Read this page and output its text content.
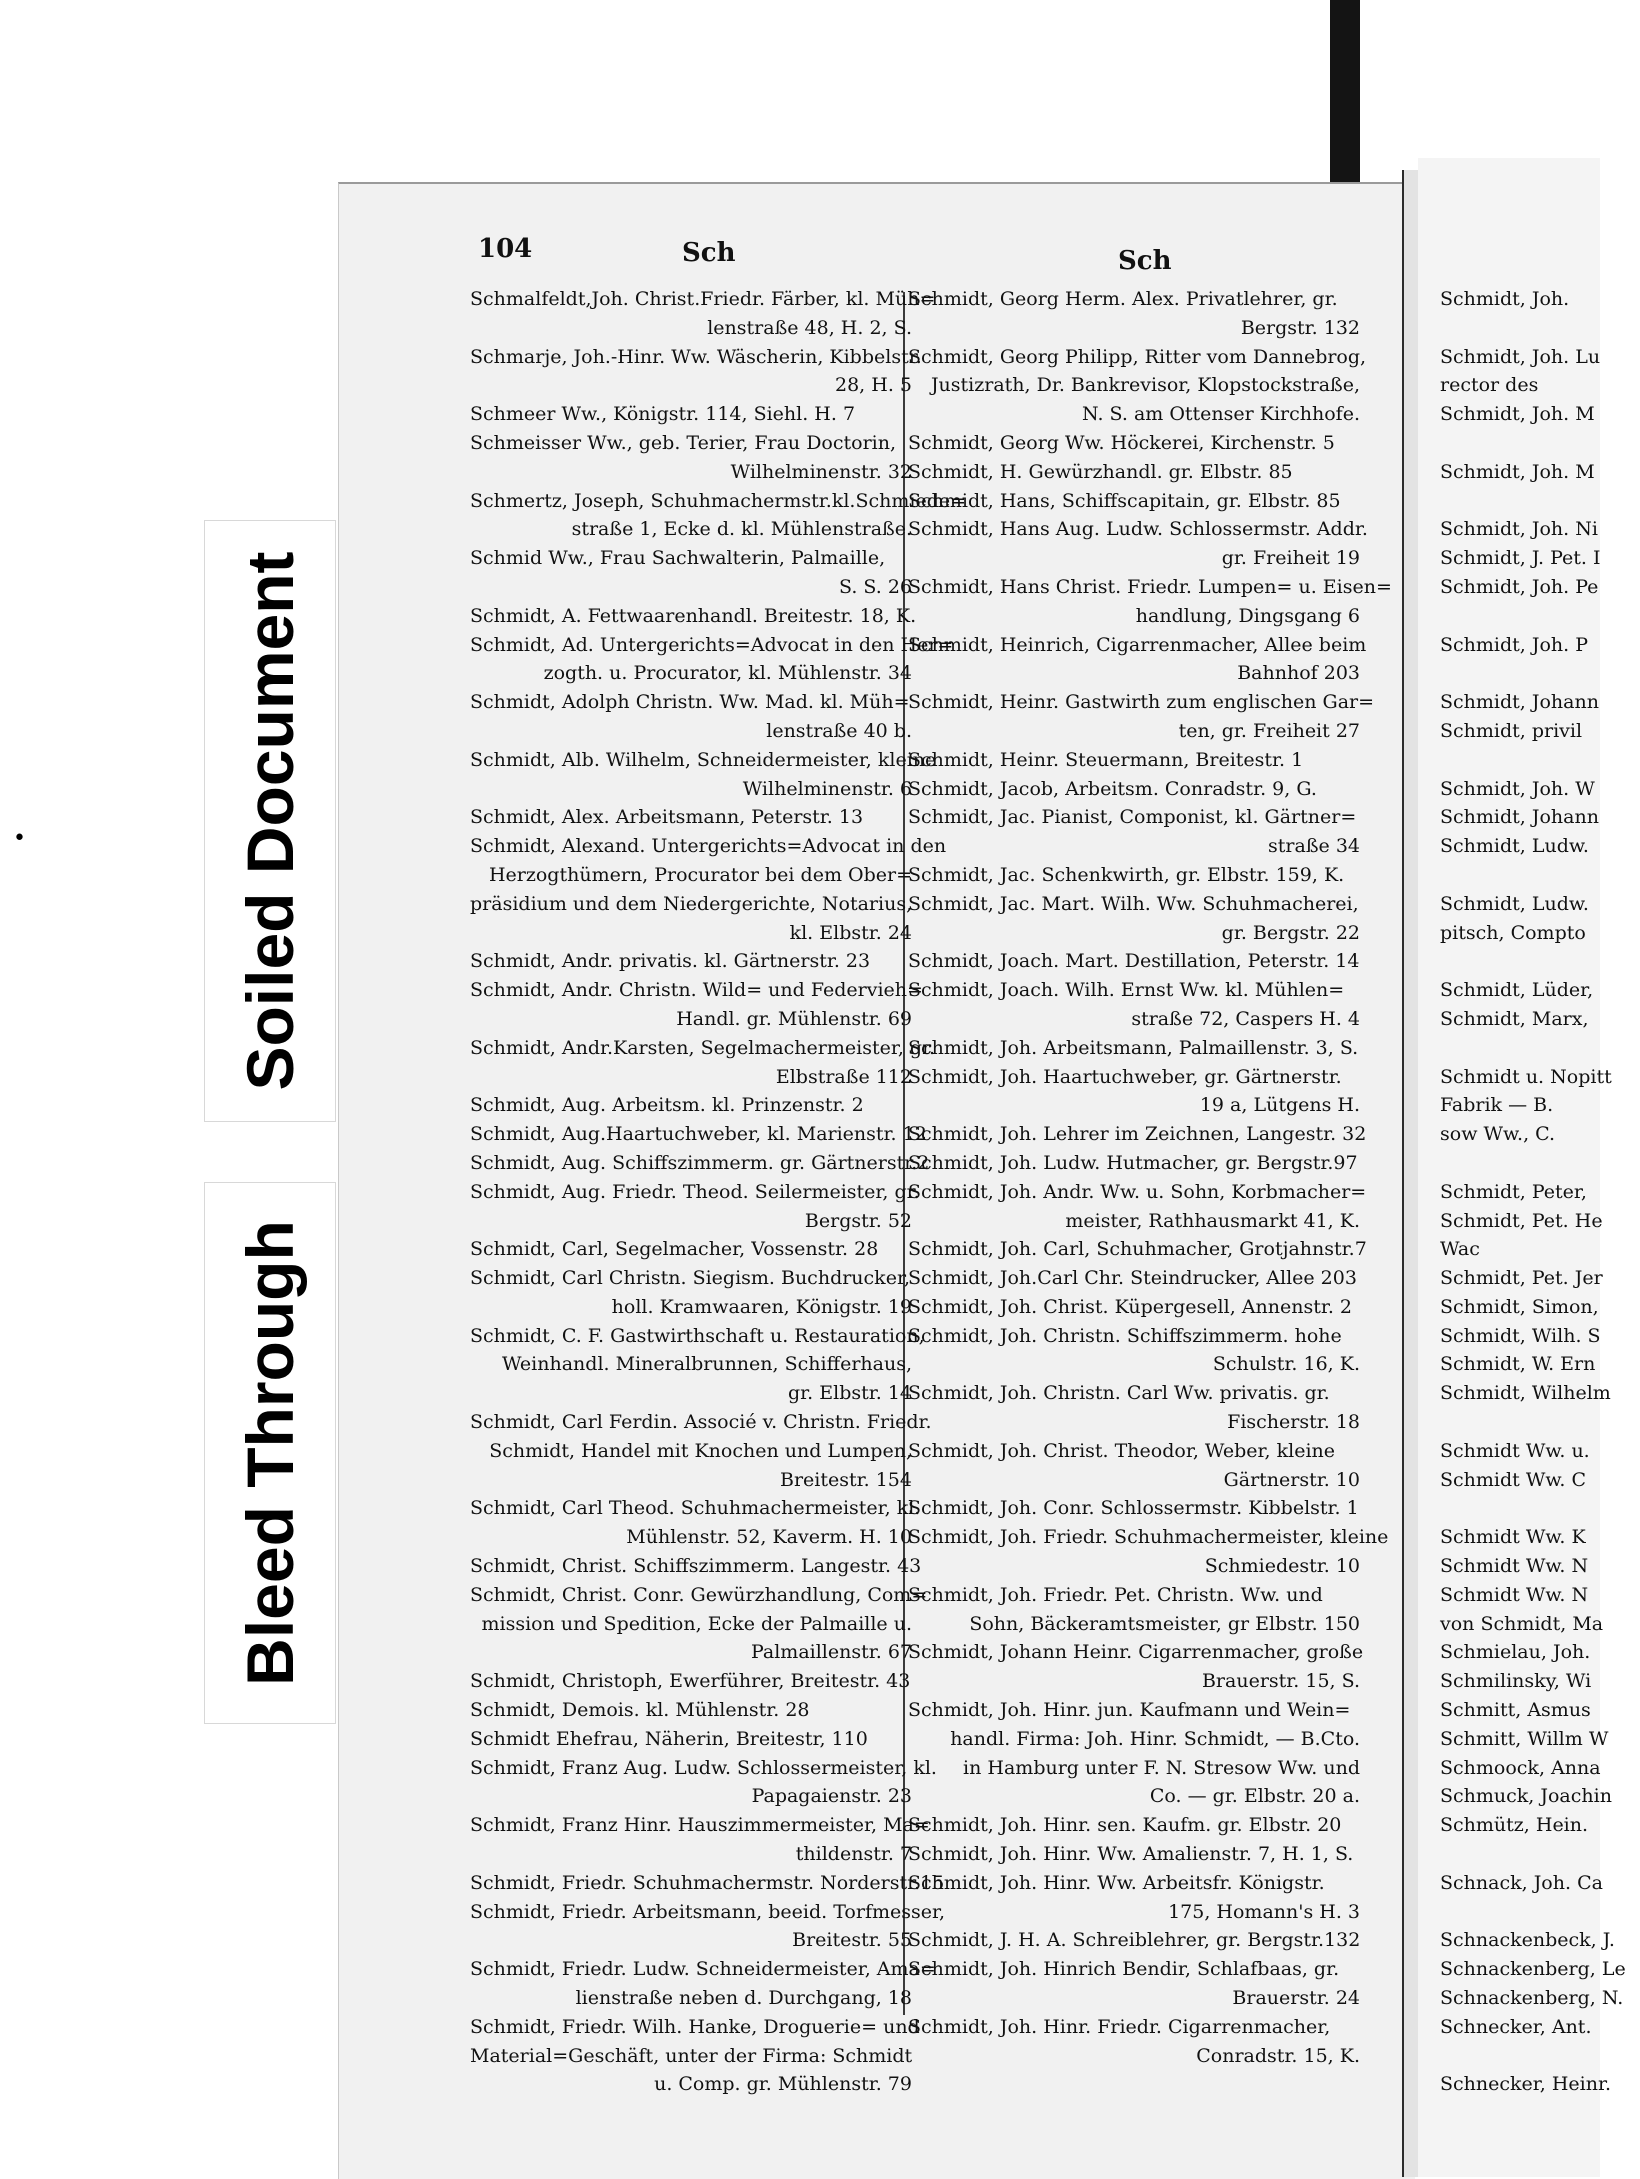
104	Sch	Sch
Schmalfeldt,Joh. Christ.Friedr. Färber, kl. Müh=
lenstraße 48, H. 2, S.
Schmarje, Joh.-Hinr. Ww. Wäscherin, Kibbelstr.
28, H. 5
Schmeer Ww., Königstr. 114, Siehl. H. 7
Schmeisser Ww., geb. Terier, Frau Doctorin,
Wilhelminenstr. 32
Schmertz, Joseph, Schuhmachermstr.kl.Schmiede=
straße 1, Ecke d. kl. Mühlenstraße.
Schmid Ww., Frau Sachwalterin, Palmaille,
S. S. 26
Schmidt, A. Fettwaarenhandl. Breitestr. 18, K.
Schmidt, Ad. Untergerichts=Advocat in den Her=
zogth. u. Procurator, kl. Mühlenstr. 34
Schmidt, Adolph Christn. Ww. Mad. kl. Müh=
lenstraße 40 b.
Schmidt, Alb. Wilhelm, Schneidermeister, kleine
Wilhelminenstr. 6
Schmidt, Alex. Arbeitsmann, Peterstr. 13
Schmidt, Alexand. Untergerichts=Advocat in den
Herzogthümern, Procurator bei dem Ober=
präsidium und dem Niedergerichte, Notarius,
kl. Elbstr. 24
Schmidt, Andr. privatis. kl. Gärtnerstr. 23
Schmidt, Andr. Christn. Wild= und Federvieh=
Handl. gr. Mühlenstr. 69
Schmidt, Andr.Karsten, Segelmachermeister, gr.
Elbstraße 112
Schmidt, Aug. Arbeitsm. kl. Prinzenstr. 2
Schmidt, Aug.Haartuchweber, kl. Marienstr. 12
Schmidt, Aug. Schiffszimmerm. gr. Gärtnerstr.2
Schmidt, Aug. Friedr. Theod. Seilermeister, gr.
Bergstr. 52
Schmidt, Carl, Segelmacher, Vossenstr. 28
Schmidt, Carl Christn. Siegism. Buchdrucker,
holl. Kramwaaren, Königstr. 19
Schmidt, C. F. Gastwirthschaft u. Restauration,
Weinhandl. Mineralbrunnen, Schifferhaus,
gr. Elbstr. 14
Schmidt, Carl Ferdin. Associé v. Christn. Friedr.
Schmidt, Handel mit Knochen und Lumpen,
Breitestr. 154
Schmidt, Carl Theod. Schuhmachermeister, kl.
Mühlenstr. 52, Kaverm. H. 10
Schmidt, Christ. Schiffszimmerm. Langestr. 43
Schmidt, Christ. Conr. Gewürzhandlung, Com=
mission und Spedition, Ecke der Palmaille u.
Palmaillenstr. 67
Schmidt, Christoph, Ewerführer, Breitestr. 43
Schmidt, Demois. kl. Mühlenstr. 28
Schmidt Ehefrau, Näherin, Breitestr, 110
Schmidt, Franz Aug. Ludw. Schlossermeister, kl.
Papagaienstr. 23
Schmidt, Franz Hinr. Hauszimmermeister, Ma=
thildenstr. 7
Schmidt, Friedr. Schuhmachermstr. Norderstr.15
Schmidt, Friedr. Arbeitsmann, beeid. Torfmesser,
Breitestr. 55
Schmidt, Friedr. Ludw. Schneidermeister, Ama=
lienstraße neben d. Durchgang, 18
Schmidt, Friedr. Wilh. Hanke, Droguerie= und
Material=Geschäft, unter der Firma: Schmidt
u. Comp. gr. Mühlenstr. 79
Schmidt, Georg Herm. Alex. Privatlehrer, gr.
Bergstr. 132
Schmidt, Georg Philipp, Ritter vom Dannebrog,
Justizrath, Dr. Bankrevisor, Klopstockstraße,
N. S. am Ottenser Kirchhofe.
Schmidt, Georg Ww. Höckerei, Kirchenstr. 5
Schmidt, H. Gewürzhandl. gr. Elbstr. 85
Schmidt, Hans, Schiffscapitain, gr. Elbstr. 85
Schmidt, Hans Aug. Ludw. Schlossermstr. Addr.
gr. Freiheit 19
Schmidt, Hans Christ. Friedr. Lumpen= u. Eisen=
handlung, Dingsgang 6
Schmidt, Heinrich, Cigarrenmacher, Allee beim
Bahnhof 203
Schmidt, Heinr. Gastwirth zum englischen Gar=
ten, gr. Freiheit 27
Schmidt, Heinr. Steuermann, Breitestr. 1
Schmidt, Jacob, Arbeitsm. Conradstr. 9, G.
Schmidt, Jac. Pianist, Componist, kl. Gärtner=
straße 34
Schmidt, Jac. Schenkwirth, gr. Elbstr. 159, K.
Schmidt, Jac. Mart. Wilh. Ww. Schuhmacherei,
gr. Bergstr. 22
Schmidt, Joach. Mart. Destillation, Peterstr. 14
Schmidt, Joach. Wilh. Ernst Ww. kl. Mühlen=
straße 72, Caspers H. 4
Schmidt, Joh. Arbeitsmann, Palmaillenstr. 3, S.
Schmidt, Joh. Haartuchweber, gr. Gärtnerstr.
19 a, Lütgens H.
Schmidt, Joh. Lehrer im Zeichnen, Langestr. 32
Schmidt, Joh. Ludw. Hutmacher, gr. Bergstr.97
Schmidt, Joh. Andr. Ww. u. Sohn, Korbmacher=
meister, Rathhausmarkt 41, K.
Schmidt, Joh. Carl, Schuhmacher, Grotjahnstr.7
Schmidt, Joh.Carl Chr. Steindrucker, Allee 203
Schmidt, Joh. Christ. Küpergesell, Annenstr. 2
Schmidt, Joh. Christn. Schiffszimmerm. hohe
Schulstr. 16, K.
Schmidt, Joh. Christn. Carl Ww. privatis. gr.
Fischerstr. 18
Schmidt, Joh. Christ. Theodor, Weber, kleine
Gärtnerstr. 10
Schmidt, Joh. Conr. Schlossermstr. Kibbelstr. 1
Schmidt, Joh. Friedr. Schuhmachermeister, kleine
Schmiedestr. 10
Schmidt, Joh. Friedr. Pet. Christn. Ww. und
Sohn, Bäckeramtsmeister, gr Elbstr. 150
Schmidt, Johann Heinr. Cigarrenmacher, große
Brauerstr. 15, S.
Schmidt, Joh. Hinr. jun. Kaufmann und Wein=
handl. Firma: Joh. Hinr. Schmidt, — B.Cto.
in Hamburg unter F. N. Stresow Ww. und
Co. — gr. Elbstr. 20 a.
Schmidt, Joh. Hinr. sen. Kaufm. gr. Elbstr. 20
Schmidt, Joh. Hinr. Ww. Amalienstr. 7, H. 1, S.
Schmidt, Joh. Hinr. Ww. Arbeitsfr. Königstr.
175, Homann's H. 3
Schmidt, J. H. A. Schreiblehrer, gr. Bergstr.132
Schmidt, Joh. Hinrich Bendir, Schlafbaas, gr.
Brauerstr. 24
Schmidt, Joh. Hinr. Friedr. Cigarrenmacher,
Conradstr. 15, K.
Schmidt, Joh.
Schmidt, Joh. Lu
rector des
Schmidt, Joh. M
Schmidt, Joh. M
Schmidt, Joh. Ni
Schmidt, J. Pet. I
Schmidt, Joh. Pe
Schmidt, Joh. P
Schmidt, Johann
Schmidt, privil
Schmidt, Joh. W
Schmidt, Johann
Schmidt, Ludw.
Schmidt, Ludw.
pitsch, Compto
Schmidt, Lüder,
Schmidt, Marx,
Schmidt u. Nopitt
Fabrik — B.
sow Ww., C.
Schmidt, Peter,
Schmidt, Pet. He
Wac
Schmidt, Pet. Jer
Schmidt, Simon,
Schmidt, Wilh. S
Schmidt, W. Ern
Schmidt, Wilhelm
Schmidt Ww. u.
Schmidt Ww. C
Schmidt Ww. K
Schmidt Ww. N
Schmidt Ww. N
von Schmidt, Ma
Schmielau, Joh.
Schmilinsky, Wi
Schmitt, Asmus
Schmitt, Willm W
Schmoock, Anna
Schmuck, Joachin
Schmütz, Hein.
Schnack, Joh. Ca
Schnackenbeck, J.
Schnackenberg, Le
Schnackenberg, N.
Schnecker, Ant.
Schnecker, Heinr.
Soiled Document
Bleed Through
•
